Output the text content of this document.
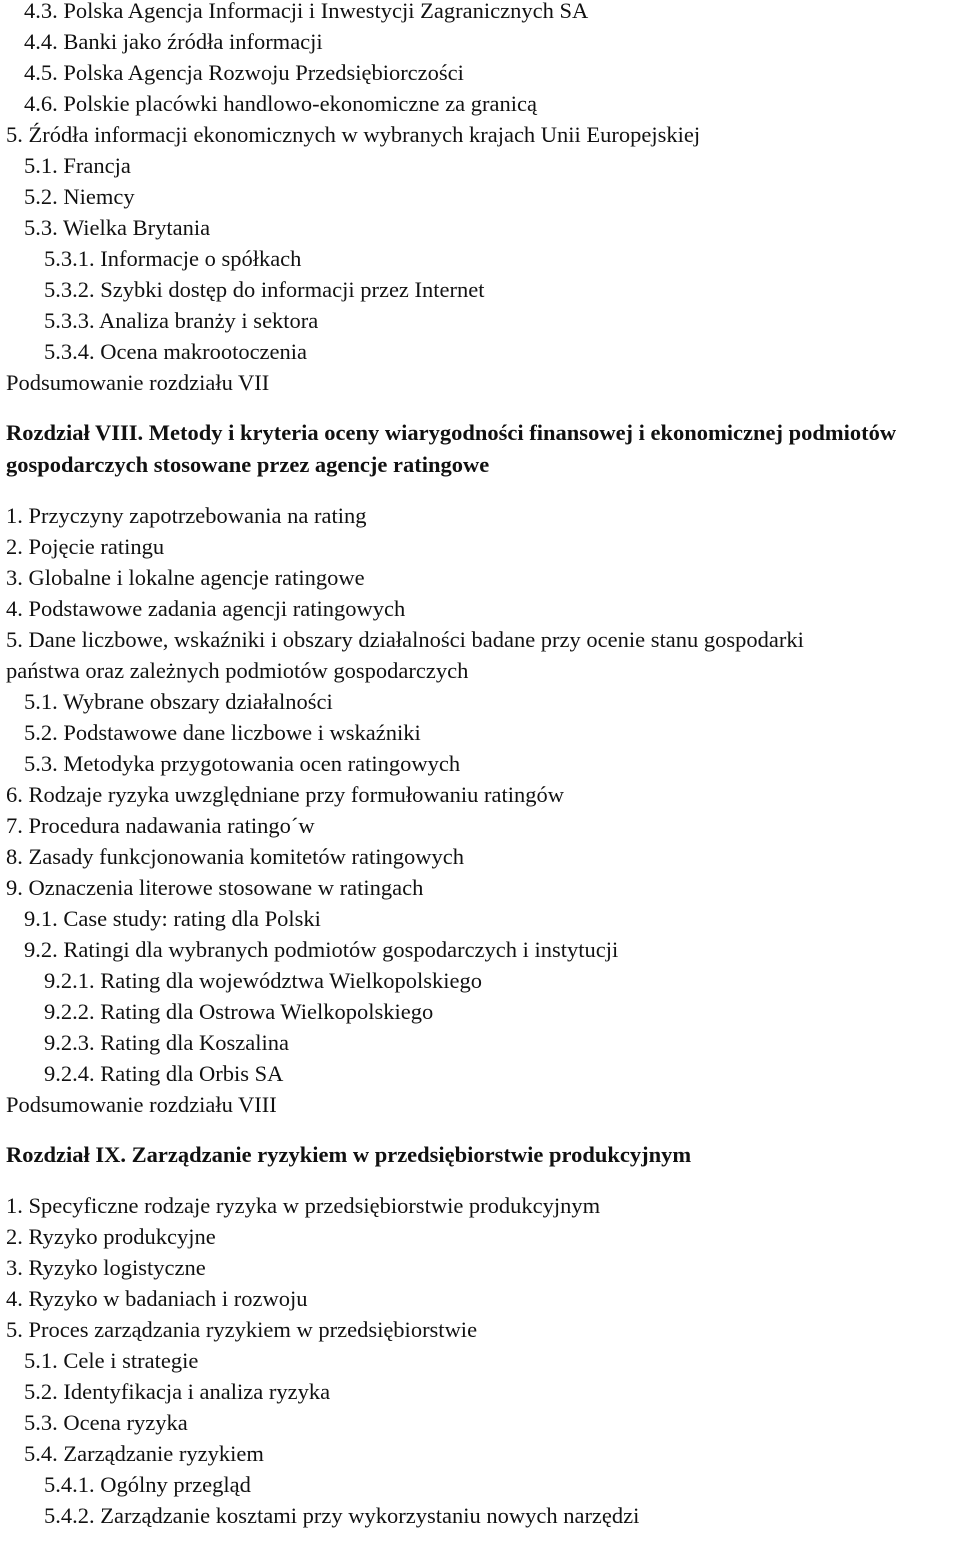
4.3. Polska Agencja Informacji i Inwestycji Zagranicznych SA
4.4. Banki jako źródła informacji
4.5. Polska Agencja Rozwoju Przedsiębiorczości
4.6. Polskie placówki handlowo-ekonomiczne za granicą
5. Źródła informacji ekonomicznych w wybranych krajach Unii Europejskiej
5.1. Francja
5.2. Niemcy
5.3. Wielka Brytania
5.3.1. Informacje o spółkach
5.3.2. Szybki dostęp do informacji przez Internet
5.3.3. Analiza branży i sektora
5.3.4. Ocena makrootoczenia
Podsumowanie rozdziału VII
Rozdział VIII. Metody i kryteria oceny wiarygodności finansowej i ekonomicznej podmiotów gospodarczych stosowane przez agencje ratingowe
1. Przyczyny zapotrzebowania na rating
2. Pojęcie ratingu
3. Globalne i lokalne agencje ratingowe
4. Podstawowe zadania agencji ratingowych
5. Dane liczbowe, wskaźniki i obszary działalności badane przy ocenie stanu gospodarki
państwa oraz zależnych podmiotów gospodarczych
5.1. Wybrane obszary działalności
5.2. Podstawowe dane liczbowe i wskaźniki
5.3. Metodyka przygotowania ocen ratingowych
6. Rodzaje ryzyka uwzględniane przy formułowaniu ratingów
7. Procedura nadawania ratingo´w
8. Zasady funkcjonowania komitetów ratingowych
9. Oznaczenia literowe stosowane w ratingach
9.1. Case study: rating dla Polski
9.2. Ratingi dla wybranych podmiotów gospodarczych i instytucji
9.2.1. Rating dla województwa Wielkopolskiego
9.2.2. Rating dla Ostrowa Wielkopolskiego
9.2.3. Rating dla Koszalina
9.2.4. Rating dla Orbis SA
Podsumowanie rozdziału VIII
Rozdział IX. Zarządzanie ryzykiem w przedsiębiorstwie produkcyjnym
1. Specyficzne rodzaje ryzyka w przedsiębiorstwie produkcyjnym
2. Ryzyko produkcyjne
3. Ryzyko logistyczne
4. Ryzyko w badaniach i rozwoju
5. Proces zarządzania ryzykiem w przedsiębiorstwie
5.1. Cele i strategie
5.2. Identyfikacja i analiza ryzyka
5.3. Ocena ryzyka
5.4. Zarządzanie ryzykiem
5.4.1. Ogólny przegląd
5.4.2. Zarządzanie kosztami przy wykorzystaniu nowych narzędzi
